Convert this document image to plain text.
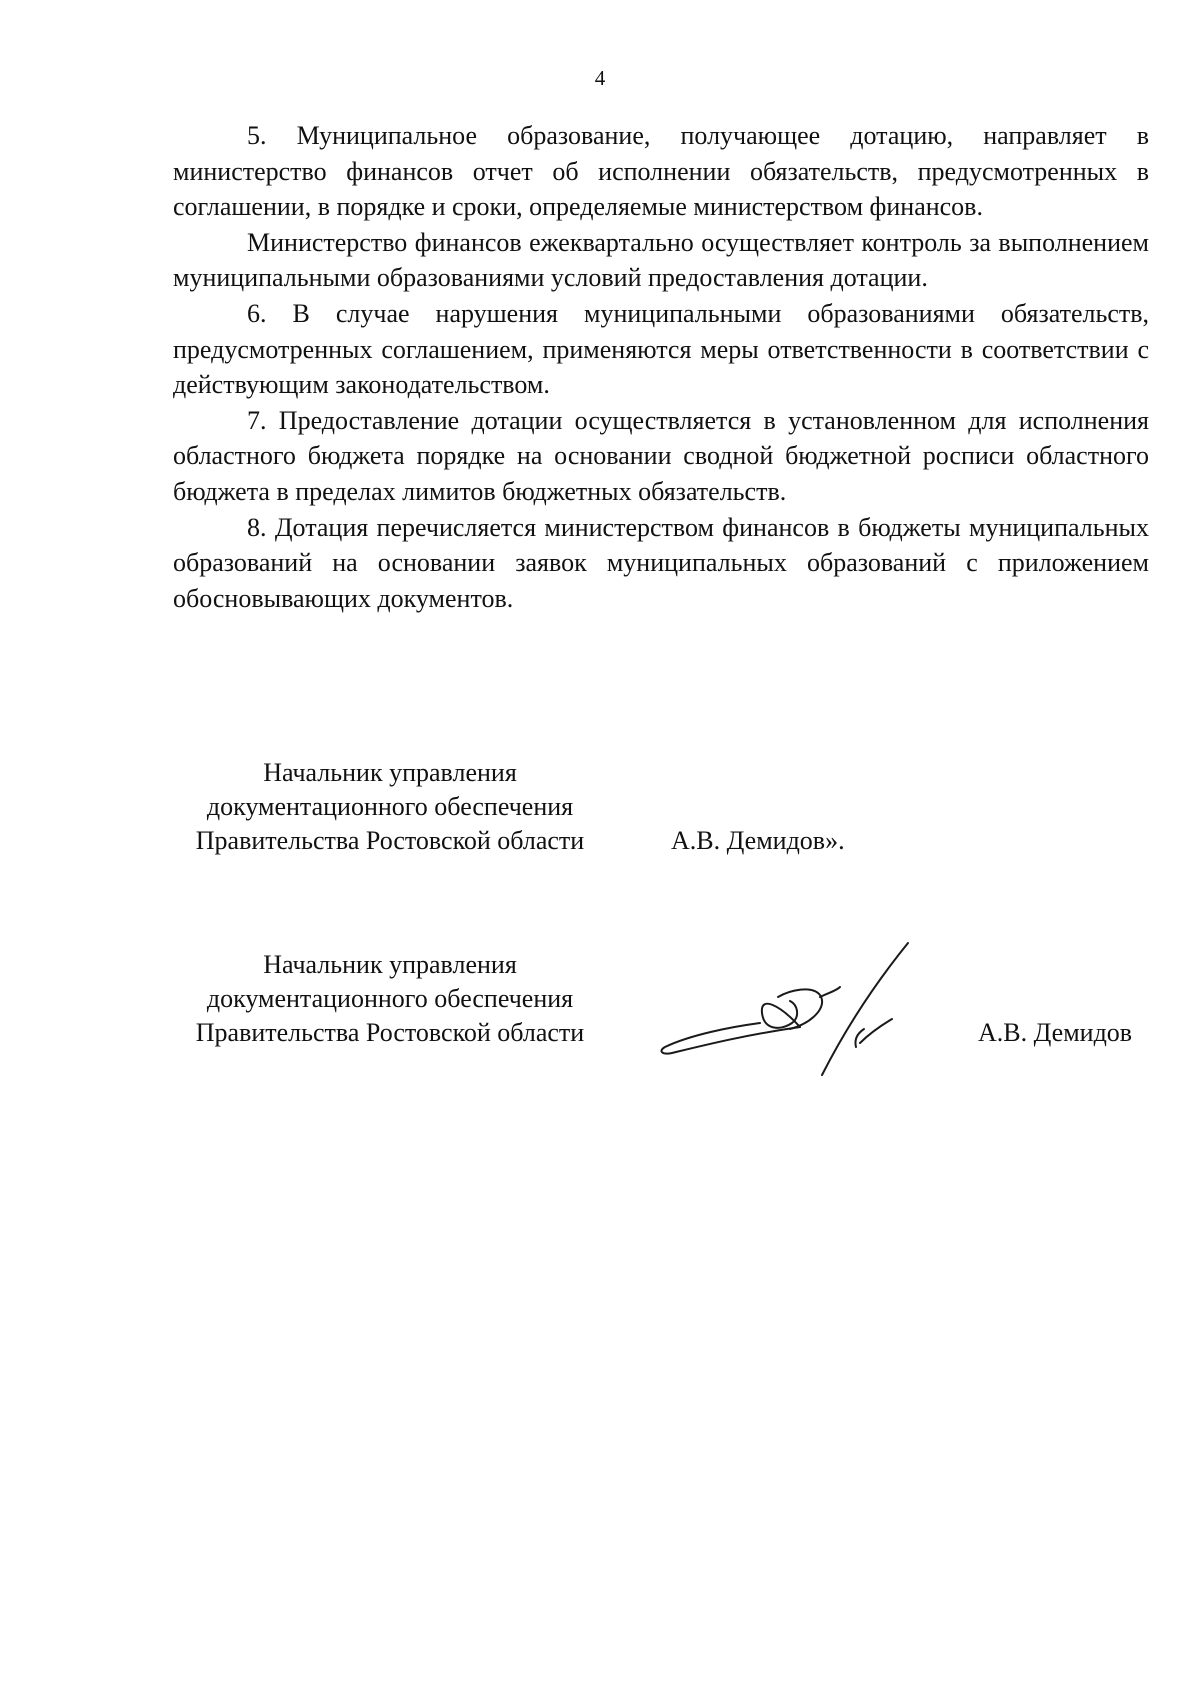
4

5. Муниципальное образование, получающее дотацию, направляет в министерство финансов отчет об исполнении обязательств, предусмотренных в соглашении, в порядке и сроки, определяемые министерством финансов.

Министерство финансов ежеквартально осуществляет контроль за выполнением муниципальными образованиями условий предоставления дотации.

6. В случае нарушения муниципальными образованиями обязательств, предусмотренных соглашением, применяются меры ответственности в соответствии с действующим законодательством.

7. Предоставление дотации осуществляется в установленном для исполнения областного бюджета порядке на основании сводной бюджетной росписи областного бюджета в пределах лимитов бюджетных обязательств.

8. Дотация перечисляется министерством финансов в бюджеты муниципальных образований на основании заявок муниципальных образований с приложением обосновывающих документов.

Начальник управления
документационного обеспечения
Правительства Ростовской области	А.В. Демидов».
Начальник управления
документационного обеспечения
Правительства Ростовской области	А.В. Демидов
